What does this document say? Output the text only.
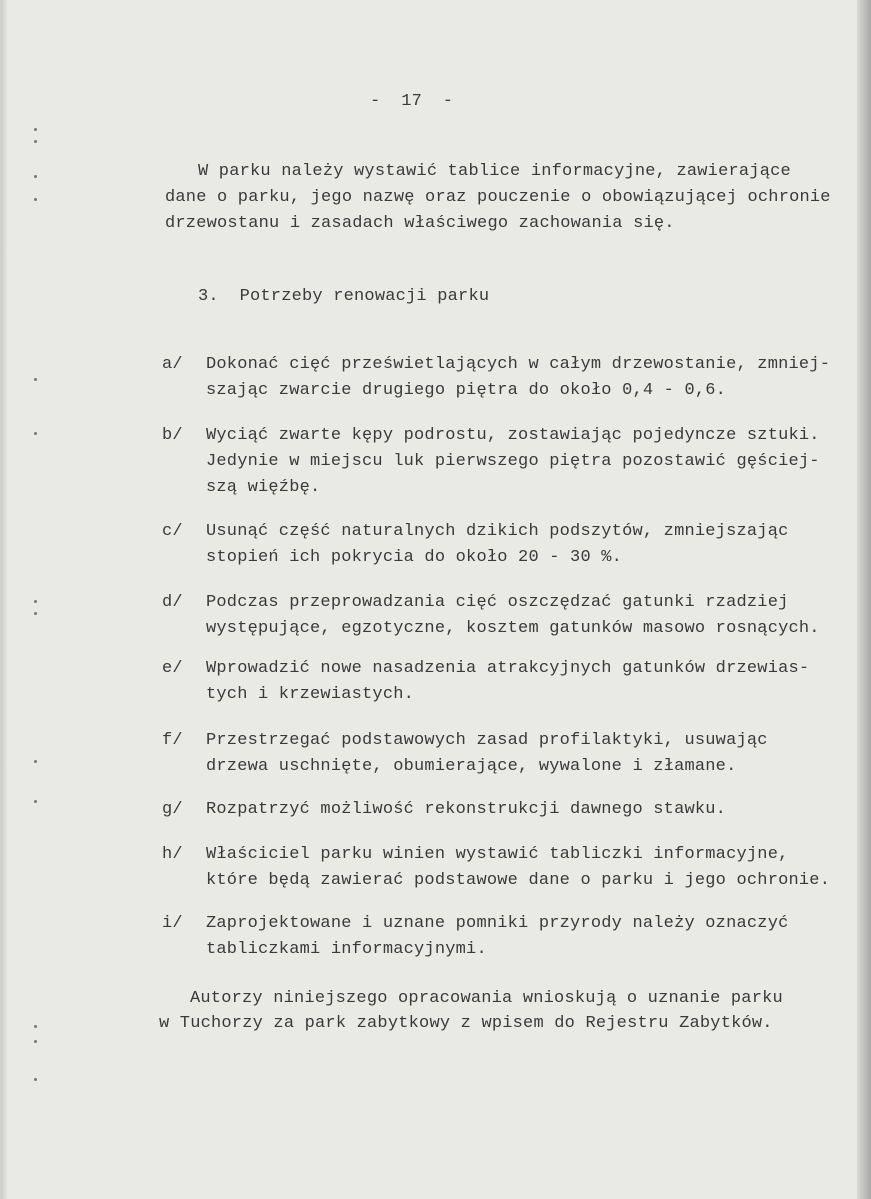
-  17  -
W parku należy wystawić tablice informacyjne, zawierające
dane o parku, jego nazwę oraz pouczenie o obowiązującej ochronie
drzewostanu i zasadach właściwego zachowania się.
3.  Potrzeby renowacji parku
a/ Dokonać cięć prześwietlających w całym drzewostanie, zmniej-
szając zwarcie drugiego piętra do około 0,4 - 0,6.
b/ Wyciąć zwarte kępy podrostu, zostawiając pojedyncze sztuki.
Jedynie w miejscu luk pierwszego piętra pozostawić gęściej-
szą więźbę.
c/ Usunąć część naturalnych dzikich podszytów, zmniejszając
stopień ich pokrycia do około 20 - 30 %.
d/ Podczas przeprowadzania cięć oszczędzać gatunki rzadziej
występujące, egzotyczne, kosztem gatunków masowo rosnących.
e/ Wprowadzić nowe nasadzenia atrakcyjnych gatunków drzewias-
tych i krzewiastych.
f/ Przestrzegać podstawowych zasad profilaktyki, usuwając
drzewa uschnięte, obumierające, wywalone i złamane.
g/ Rozpatrzyć możliwość rekonstrukcji dawnego stawku.
h/ Właściciel parku winien wystawić tabliczki informacyjne,
które będą zawierać podstawowe dane o parku i jego ochronie.
i/ Zaprojektowane i uznane pomniki przyrody należy oznaczyć
tabliczkami informacyjnymi.
Autorzy niniejszego opracowania wnioskują o uznanie parku
w Tuchorzy za park zabytkowy z wpisem do Rejestru Zabytków.
